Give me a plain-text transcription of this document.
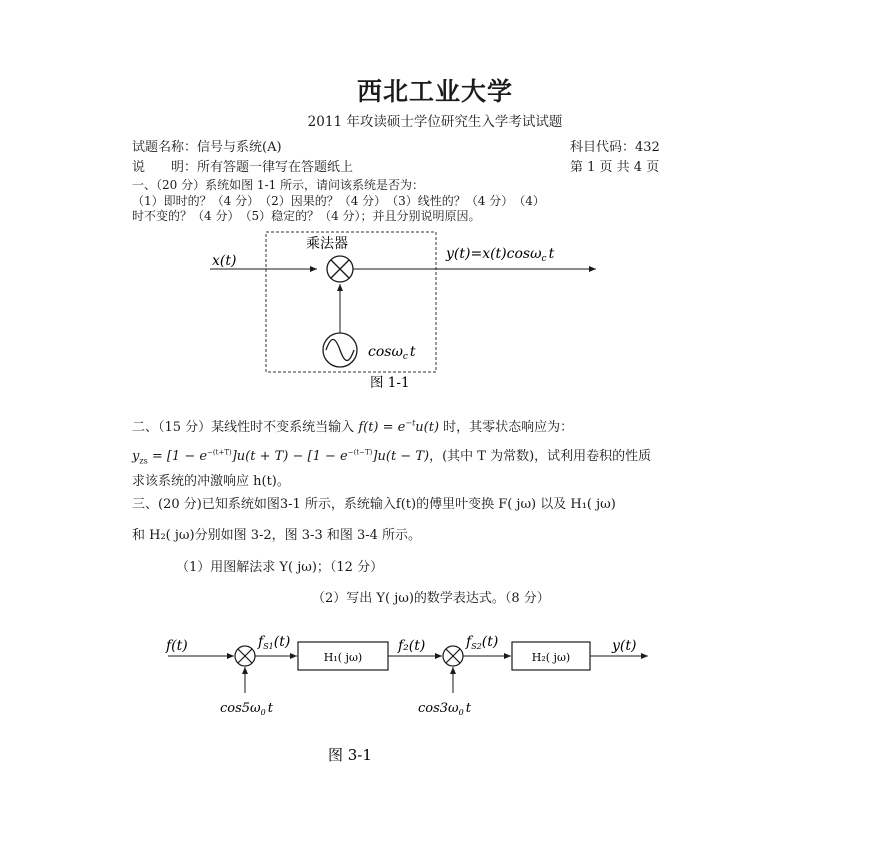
西北工业大学
2011 年攻读硕士学位研究生入学考试试题
试题名称：信号与系统(A)	科目代码：432
说　　明：所有答题一律写在答题纸上	第 1 页 共 4 页
一、（20 分）系统如图 1-1 所示，请问该系统是否为：
（1）即时的？（4 分）　（2）因果的？（4 分）　（3）线性的？（4 分）　（4）
时不变的？（4 分）　（5）稳定的？（4 分）；并且分别说明原因。
x(t)
乘法器
y(t)=x(t)cosω$_c$ t
cosω$_c$ t
图 1-1
f(t)	$f_{S1}(t)$
H₁( jω)
f₂(t)	$f_{S2}(t)$
H₂( jω)
y(t)
$\cos 5\omega_0$ t	$\cos 3\omega_0$ t
图 3-1
二、（15 分）某线性时不变系统当输入 $f(t) = e^{-t}u(t)$ 时，其零状态响应为：
$y_{zs} = [1 - e^{-(t+T)}]u(t + T) - [1 - e^{-(t-T)}]u(t - T)$，(其中 T 为常数)，试利用卷积的性质
求该系统的冲激响应 h(t)。
三、(20 分)已知系统如图3-1 所示，系统输入f(t)的傅里叶变换 F( jω) 以及 H₁( jω)
和 H₂( jω)分别如图 3-2，图 3-3 和图 3-4 所示。
（1）用图解法求 Y( jω)；（12 分）
（2）写出 Y( jω)的数学表达式。（8 分）
